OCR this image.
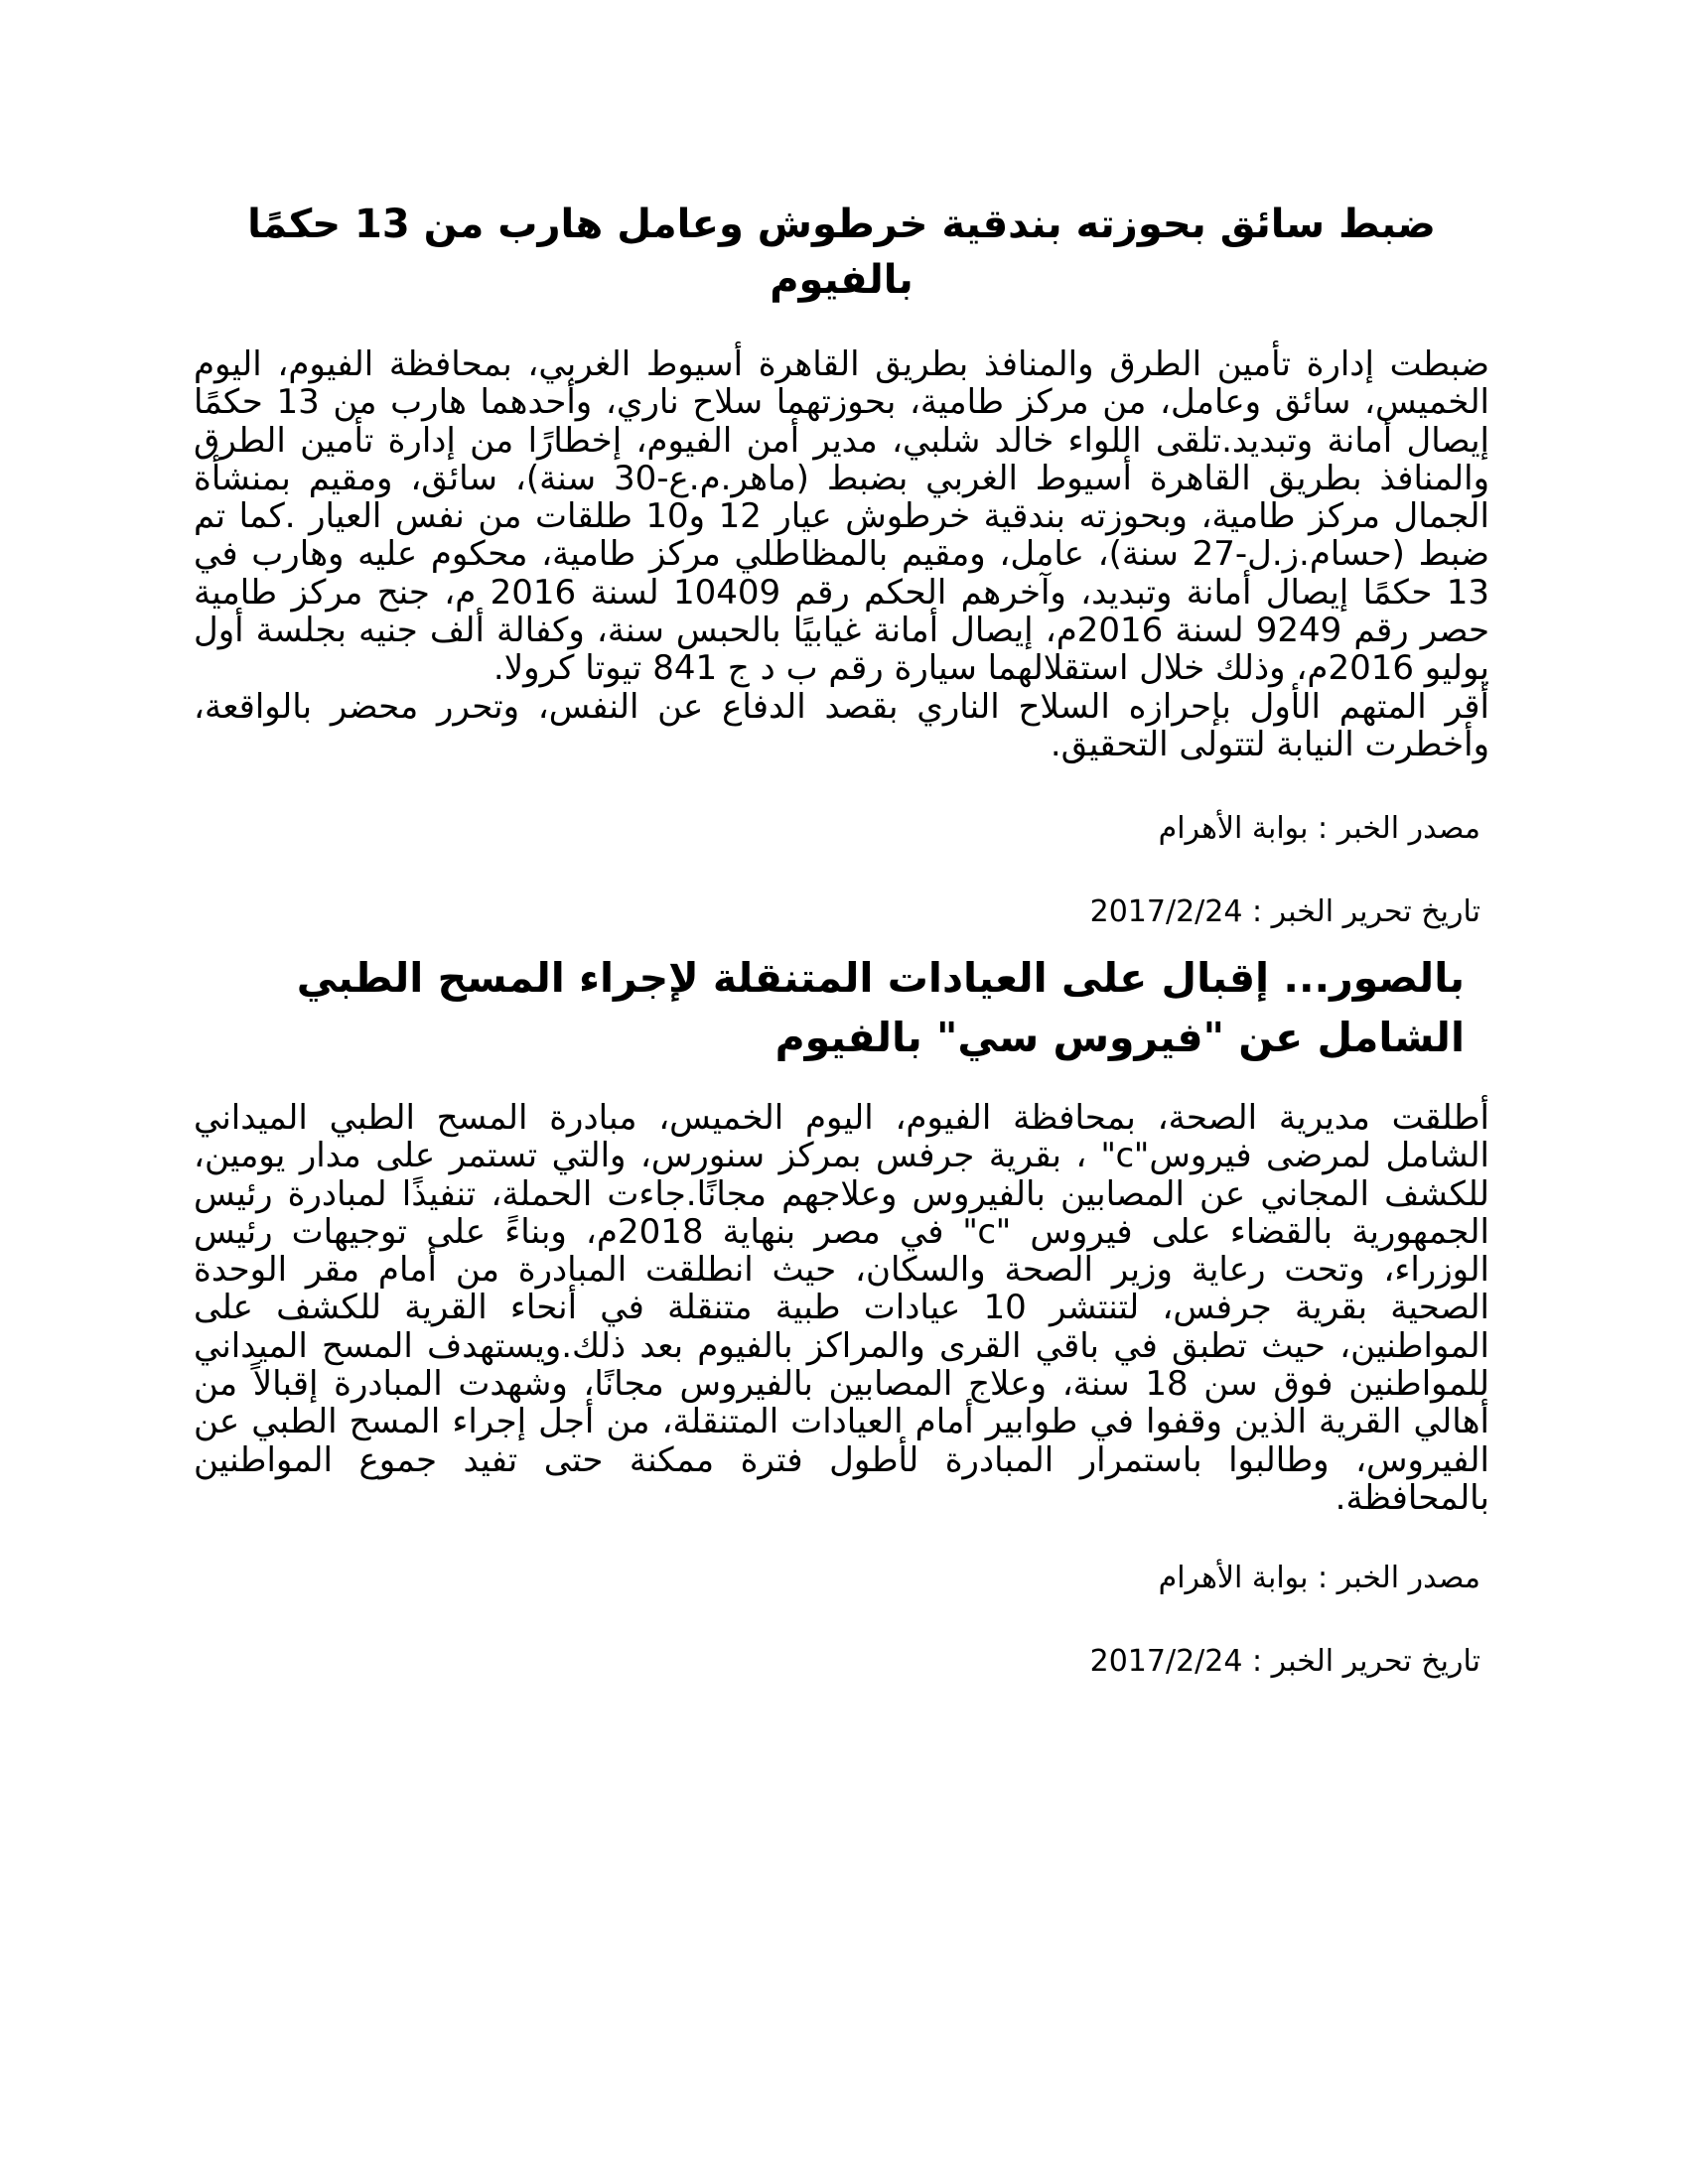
ضبط سائق بحوزته بندقية خرطوش وعامل هارب من 13 حكمًا بالفيوم

ضبطت إدارة تأمين الطرق والمنافذ بطريق القاهرة أسيوط الغربي، بمحافظة الفيوم، اليوم الخميس، سائق وعامل، من مركز طامية، بحوزتهما سلاح ناري، وأحدهما هارب من 13 حكمًا إيصال أمانة وتبديد.تلقى اللواء خالد شلبي، مدير أمن الفيوم، إخطارًا من إدارة تأمين الطرق والمنافذ بطريق القاهرة أسيوط الغربي بضبط (ماهر.م.ع-30 سنة)، سائق، ومقيم بمنشأة الجمال مركز طامية، وبحوزته بندقية خرطوش عيار 12 و10 طلقات من نفس العيار .كما تم ضبط (حسام.ز.ل-27 سنة)، عامل، ومقيم بالمظاطلي مركز طامية، محكوم عليه وهارب في 13 حكمًا إيصال أمانة وتبديد، وآخرهم الحكم رقم 10409 لسنة 2016 م، جنح مركز طامية حصر رقم 9249 لسنة 2016م، إيصال أمانة غيابيًا بالحبس سنة، وكفالة ألف جنيه بجلسة أول يوليو 2016م، وذلك خلال استقلالهما سيارة رقم ب د ج 841 تيوتا كرولا.
أقر المتهم الأول بإحرازه السلاح الناري بقصد الدفاع عن النفس، وتحرر محضر بالواقعة، وأخطرت النيابة لتتولى التحقيق.

مصدر الخبر : بوابة الأهرام

تاريخ تحرير الخبر : 2017/2/24

بالصور... إقبال على العيادات المتنقلة لإجراء المسح الطبي الشامل عن "فيروس سي" بالفيوم

أطلقت مديرية الصحة، بمحافظة الفيوم، اليوم الخميس، مبادرة المسح الطبي الميداني الشامل لمرضى فيروس"c" ، بقرية جرفس بمركز سنورس، والتي تستمر على مدار يومين، للكشف المجاني عن المصابين بالفيروس وعلاجهم مجانًا.جاءت الحملة، تنفيذًا لمبادرة رئيس الجمهورية بالقضاء على فيروس "c" في مصر بنهاية 2018م، وبناءً على توجيهات رئيس الوزراء، وتحت رعاية وزير الصحة والسكان، حيث انطلقت المبادرة من أمام مقر الوحدة الصحية بقرية جرفس، لتنتشر 10 عيادات طبية متنقلة في أنحاء القرية للكشف على المواطنين، حيث تطبق في باقي القرى والمراكز بالفيوم بعد ذلك.ويستهدف المسح الميداني للمواطنين فوق سن 18 سنة، وعلاج المصابين بالفيروس مجانًا، وشهدت المبادرة إقبالاً من أهالي القرية الذين وقفوا في طوابير أمام العيادات المتنقلة، من أجل إجراء المسح الطبي عن الفيروس، وطالبوا باستمرار المبادرة لأطول فترة ممكنة حتى تفيد جموع المواطنين بالمحافظة.

مصدر الخبر : بوابة الأهرام

تاريخ تحرير الخبر : 2017/2/24
